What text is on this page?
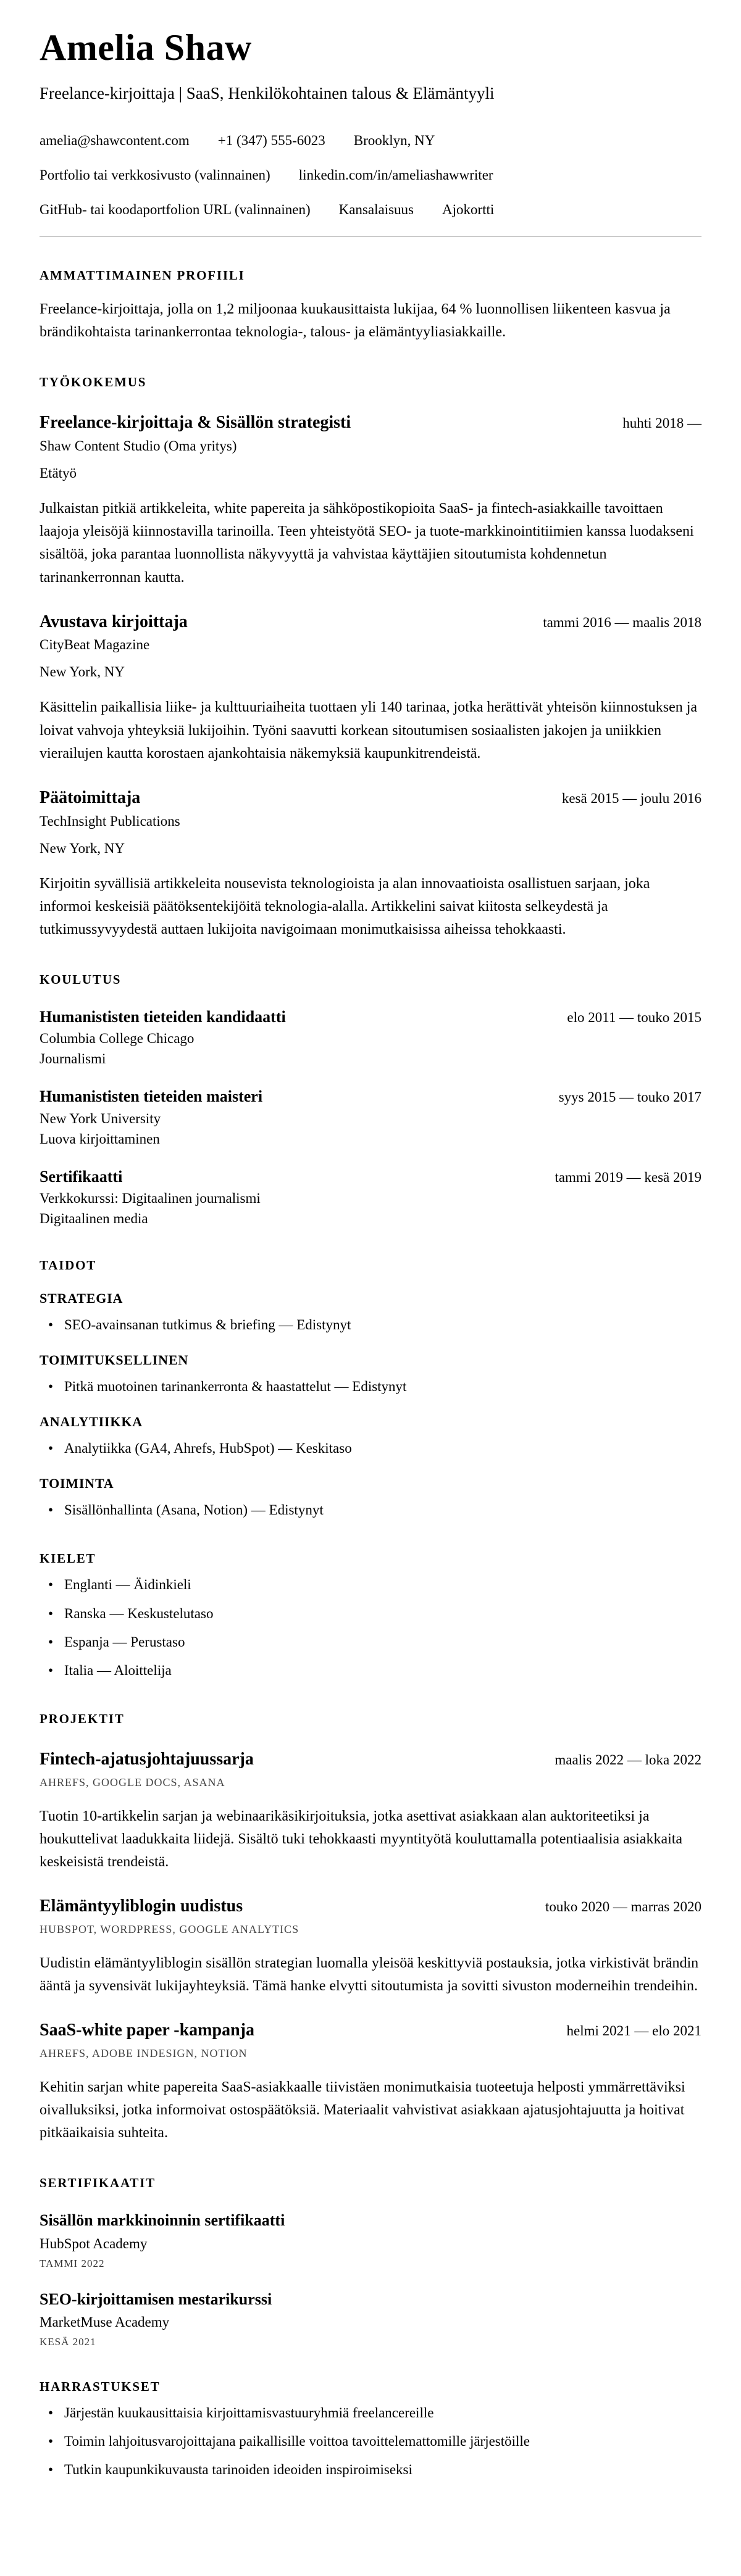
Amelia Shaw
Freelance-kirjoittaja | SaaS, Henkilökohtainen talous & Elämäntyyli
amelia@shawcontent.com +1 (347) 555-6023 Brooklyn, NY
Portfolio tai verkkosivusto (valinnainen) linkedin.com/in/ameliashawwriter
GitHub- tai koodaportfolion URL (valinnainen) Kansalaisuus Ajokortti
AMMATTIMAINEN PROFIILI

Freelance-kirjoittaja, jolla on 1,2 miljoonaa kuukausittaista lukijaa, 64 % luonnollisen liikenteen kasvua ja brändikohtaista tarinankerrontaa teknologia-, talous- ja elämäntyyliasiakkaille.

TYÖKOKEMUS
Freelance-kirjoittaja & Sisällön strategisti	huhti 2018 —
Shaw Content Studio (Oma yritys)
Etätyö

Julkaistan pitkiä artikkeleita, white papereita ja sähköpostikopioita SaaS- ja fintech-asiakkaille tavoittaen laajoja yleisöjä kiinnostavilla tarinoilla. Teen yhteistyötä SEO- ja tuote-markkinointitiimien kanssa luodakseni sisältöä, joka parantaa luonnollista näkyvyyttä ja vahvistaa käyttäjien sitoutumista kohdennetun tarinankerronnan kautta.

Avustava kirjoittaja	tammi 2016 — maalis 2018
CityBeat Magazine
New York, NY

Käsittelin paikallisia liike- ja kulttuuriaiheita tuottaen yli 140 tarinaa, jotka herättivät yhteisön kiinnostuksen ja loivat vahvoja yhteyksiä lukijoihin. Työni saavutti korkean sitoutumisen sosiaalisten jakojen ja uniikkien vierailujen kautta korostaen ajankohtaisia näkemyksiä kaupunkitrendeistä.

Päätoimittaja	kesä 2015 — joulu 2016
TechInsight Publications
New York, NY

Kirjoitin syvällisiä artikkeleita nousevista teknologioista ja alan innovaatioista osallistuen sarjaan, joka informoi keskeisiä päätöksentekijöitä teknologia-alalla. Artikkelini saivat kiitosta selkeydestä ja tutkimussyvyydestä auttaen lukijoita navigoimaan monimutkaisissa aiheissa tehokkaasti.

KOULUTUS
Humanististen tieteiden kandidaatti	elo 2011 — touko 2015
Columbia College Chicago
Journalismi
Humanististen tieteiden maisteri	syys 2015 — touko 2017
New York University
Luova kirjoittaminen
Sertifikaatti	tammi 2019 — kesä 2019
Verkkokurssi: Digitaalinen journalismi
Digitaalinen media
TAIDOT
STRATEGIA
• SEO-avainsanan tutkimus & briefing — Edistynyt
TOIMITUKSELLINEN
• Pitkä muotoinen tarinankerronta & haastattelut — Edistynyt
ANALYTIIKKA
• Analytiikka (GA4, Ahrefs, HubSpot) — Keskitaso
TOIMINTA
• Sisällönhallinta (Asana, Notion) — Edistynyt
KIELET
• Englanti — Äidinkieli
• Ranska — Keskustelutaso
• Espanja — Perustaso
• Italia — Aloittelija
PROJEKTIT
Fintech-ajatusjohtajuussarja	maalis 2022 — loka 2022
AHREFS, GOOGLE DOCS, ASANA

Tuotin 10-artikkelin sarjan ja webinaarikäsikirjoituksia, jotka asettivat asiakkaan alan auktoriteetiksi ja houkuttelivat laadukkaita liidejä. Sisältö tuki tehokkaasti myyntityötä kouluttamalla potentiaalisia asiakkaita keskeisistä trendeistä.

Elämäntyyliblogin uudistus	touko 2020 — marras 2020
HUBSPOT, WORDPRESS, GOOGLE ANALYTICS

Uudistin elämäntyyliblogin sisällön strategian luomalla yleisöä keskittyviä postauksia, jotka virkistivät brändin ääntä ja syvensivät lukijayhteyksiä. Tämä hanke elvytti sitoutumista ja sovitti sivuston moderneihin trendeihin.

SaaS-white paper -kampanja	helmi 2021 — elo 2021
AHREFS, ADOBE INDESIGN, NOTION

Kehitin sarjan white papereita SaaS-asiakkaalle tiivistäen monimutkaisia tuoteetuja helposti ymmärrettäviksi oivalluksiksi, jotka informoivat ostospäätöksiä. Materiaalit vahvistivat asiakkaan ajatusjohtajuutta ja hoitivat pitkäaikaisia suhteita.

SERTIFIKAATIT
Sisällön markkinoinnin sertifikaatti
HubSpot Academy
TAMMI 2022
SEO-kirjoittamisen mestarikurssi
MarketMuse Academy
KESÄ 2021
HARRASTUKSET
• Järjestän kuukausittaisia kirjoittamisvastuuryhmiä freelancereille
• Toimin lahjoitusvarojoittajana paikallisille voittoa tavoittelemattomille järjestöille
• Tutkin kaupunkikuvausta tarinoiden ideoiden inspiroimiseksi
